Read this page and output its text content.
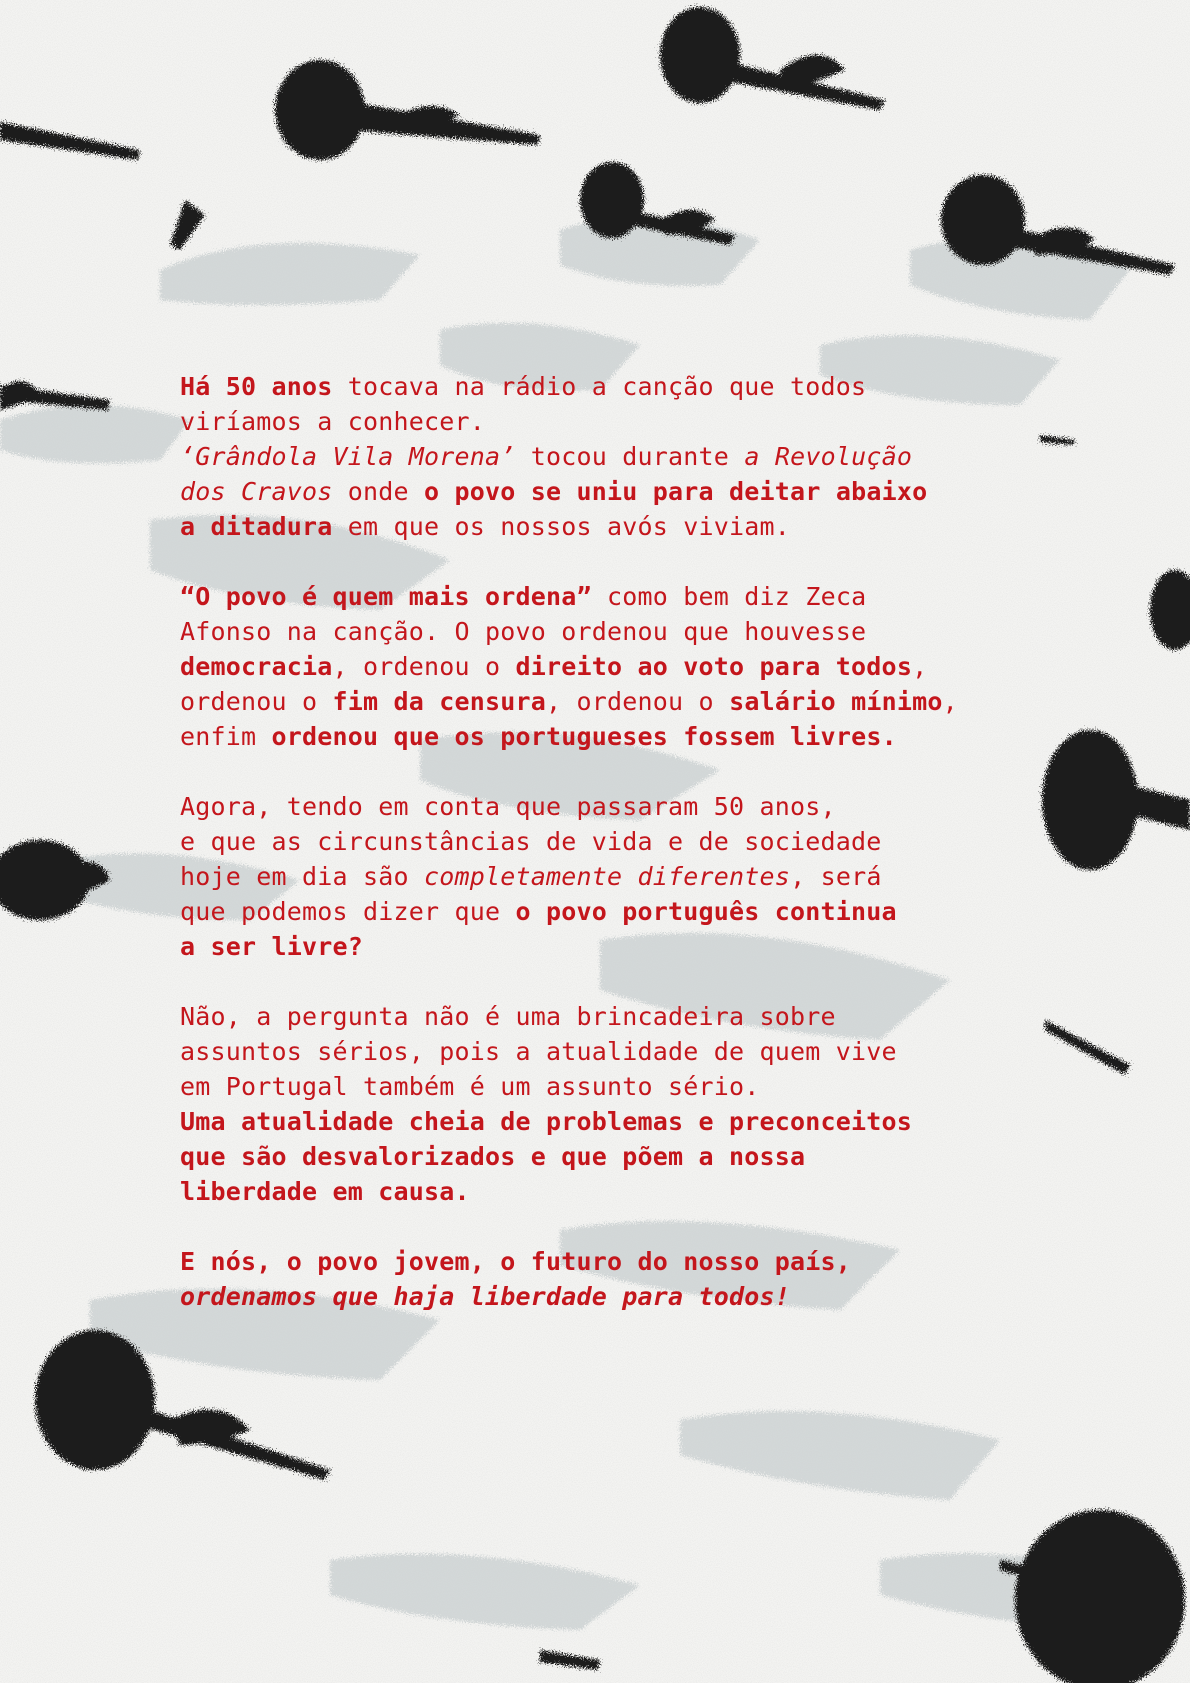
Há 50 anos tocava na rádio a canção que todos
viríamos a conhecer.
‘Grândola Vila Morena’ tocou durante a Revolução
dos Cravos onde o povo se uniu para deitar abaixo
a ditadura em que os nossos avós viviam.

“O povo é quem mais ordena” como bem diz Zeca
Afonso na canção. O povo ordenou que houvesse
democracia, ordenou o direito ao voto para todos,
ordenou o fim da censura, ordenou o salário mínimo,
enfim ordenou que os portugueses fossem livres.

Agora, tendo em conta que passaram 50 anos,
e que as circunstâncias de vida e de sociedade
hoje em dia são completamente diferentes, será
que podemos dizer que o povo português continua
a ser livre?

Não, a pergunta não é uma brincadeira sobre
assuntos sérios, pois a atualidade de quem vive
em Portugal também é um assunto sério.
Uma atualidade cheia de problemas e preconceitos
que são desvalorizados e que põem a nossa
liberdade em causa.

E nós, o povo jovem, o futuro do nosso país,
ordenamos que haja liberdade para todos!
